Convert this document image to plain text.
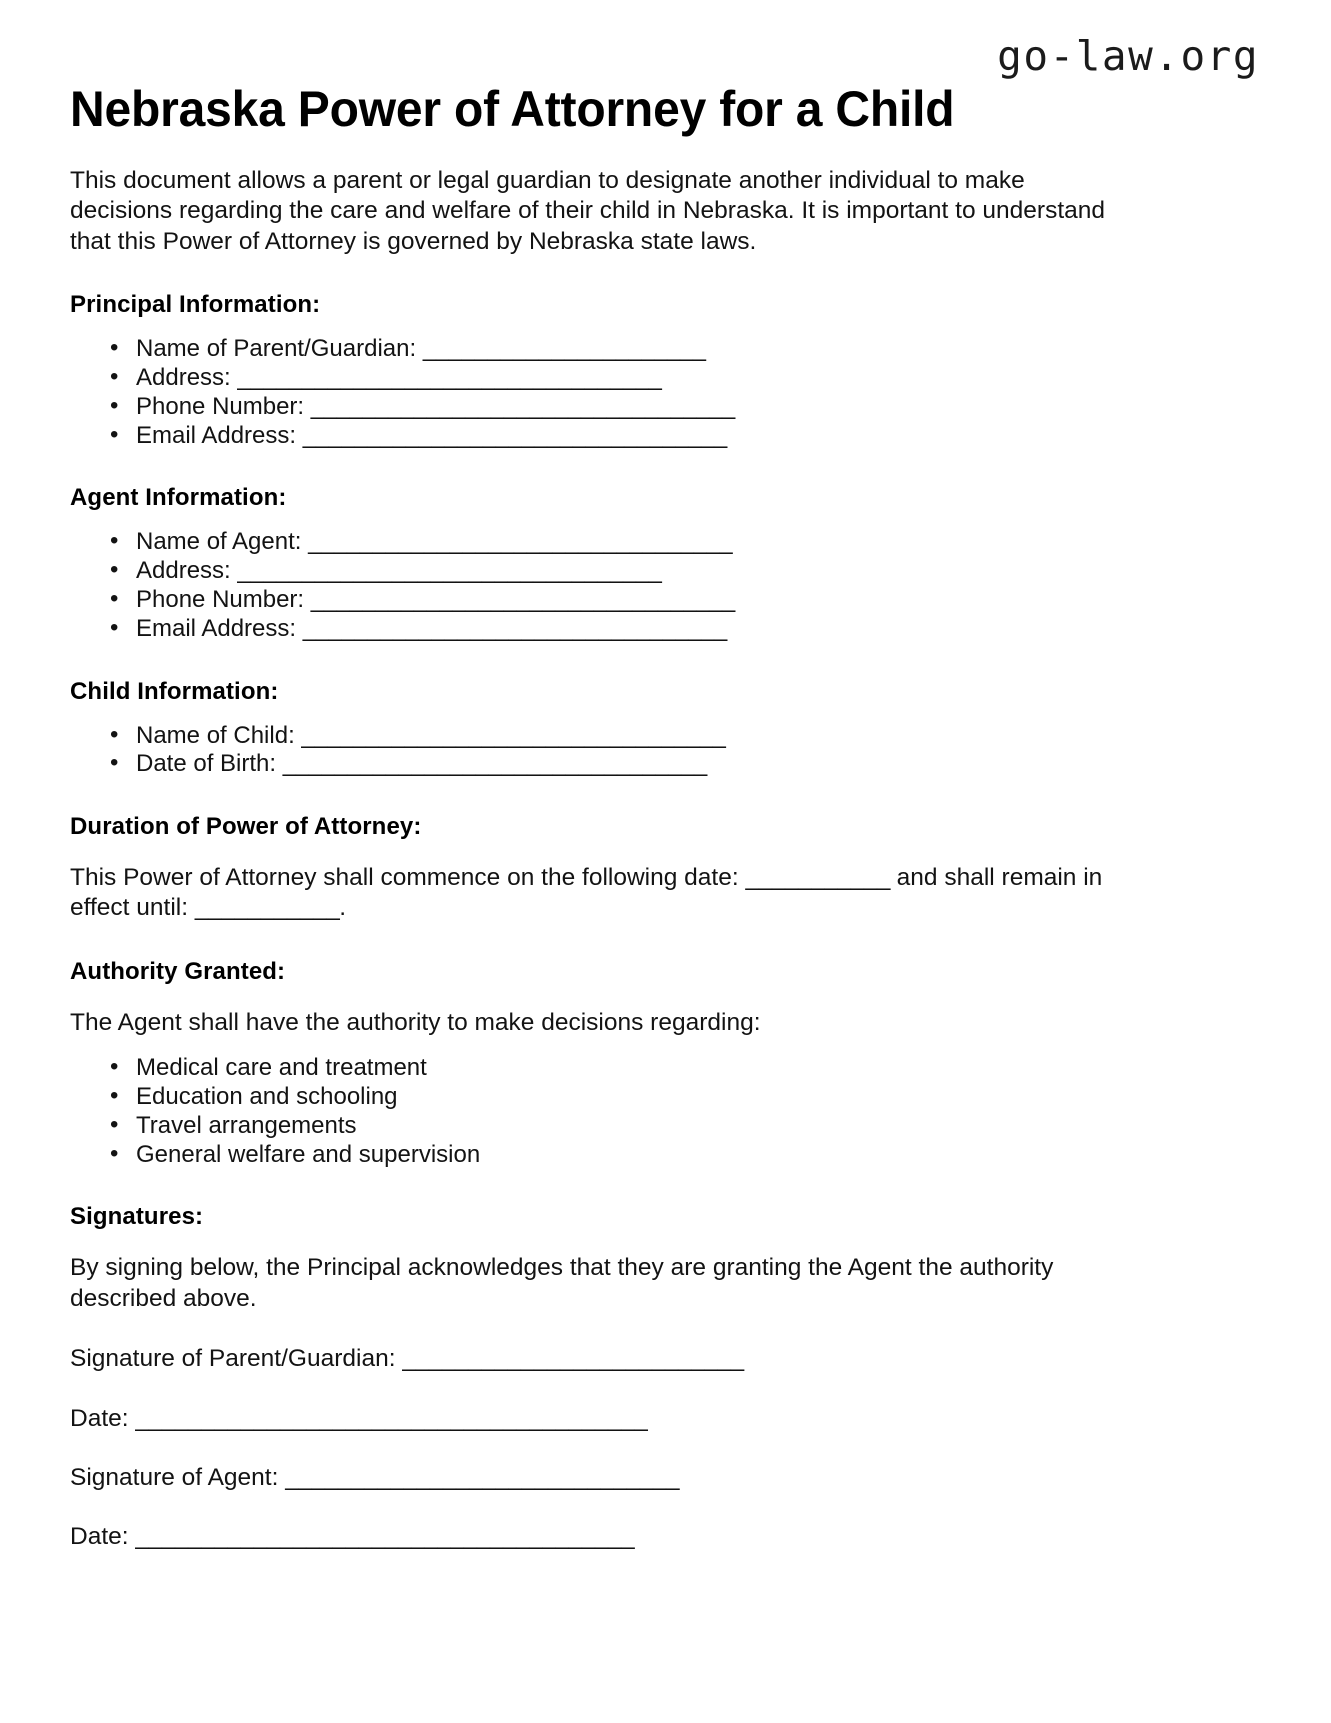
go-law.org
Nebraska Power of Attorney for a Child

This document allows a parent or legal guardian to designate another individual to make decisions regarding the care and welfare of their child in Nebraska. It is important to understand that this Power of Attorney is governed by Nebraska state laws.

Principal Information:
• Name of Parent/Guardian: ______________________
• Address: _________________________________
• Phone Number: _________________________________
• Email Address: _________________________________
Agent Information:
• Name of Agent: _________________________________
• Address: _________________________________
• Phone Number: _________________________________
• Email Address: _________________________________
Child Information:
• Name of Child: _________________________________
• Date of Birth: _________________________________
Duration of Power of Attorney:

This Power of Attorney shall commence on the following date: ___________ and shall remain in effect until: ___________.

Authority Granted:

The Agent shall have the authority to make decisions regarding:

• Medical care and treatment
• Education and schooling
• Travel arrangements
• General welfare and supervision
Signatures:

By signing below, the Principal acknowledges that they are granting the Agent the authority described above.

Signature of Parent/Guardian: __________________________
Date: _______________________________________
Signature of Agent: ______________________________
Date: ______________________________________
